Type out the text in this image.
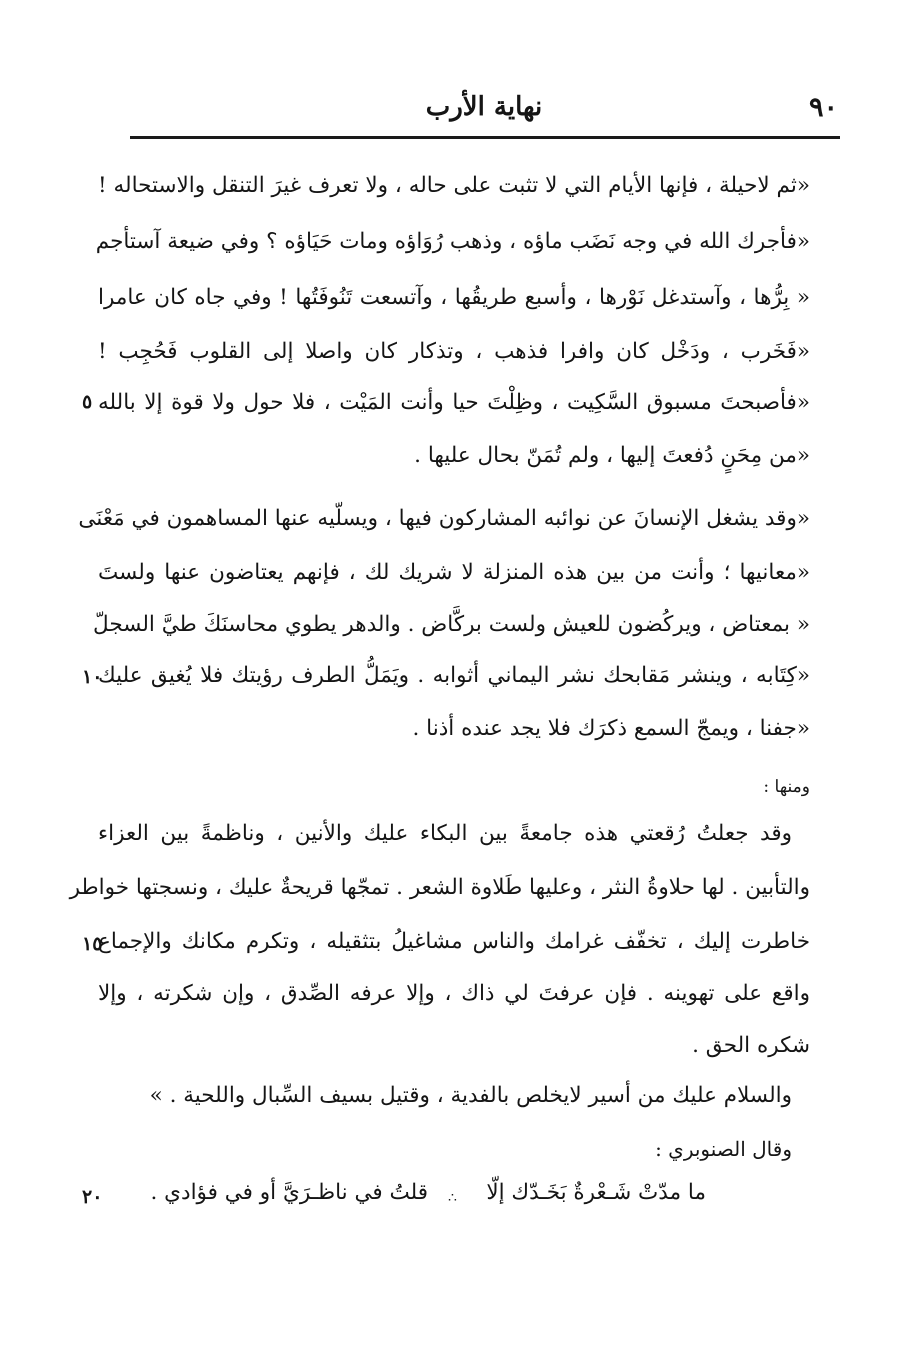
٩٠
نهاية الأرب
«ثم لاحيلة ، فإنها الأيام التي لا تثبت على حاله ، ولا تعرف غيرَ التنقل والاستحاله !
«فأجرك الله في وجه نَضَب ماؤه ، وذهب رُوَاؤه ومات حَيَاؤه ؟ وفي ضيعة آستأجم
« بِرُّها ، وآستدغل نَوْرها ، وأسبع طريقُها ، وآتسعت تَنُوفَتُها ! وفي جاه كان عامرا
«فَخَرب ، ودَخْل كان وافرا فذهب ، وتذكار كان واصلا إلى القلوب فَحُجِب !
«فأصبحتَ مسبوق السَّكِيت ، وظِلْتَ حيا وأنت المَيْت ، فلا حول ولا قوة إلا بالله
«من مِحَنٍ دُفعتَ إليها ، ولم تُمَنّ بحال عليها .
«وقد يشغل الإنسانَ عن نوائبه المشاركون فيها ، ويسلّيه عنها المساهمون في مَعْنَى
«معانيها ؛ وأنت من بين هذه المنزلة لا شريك لك ، فإنهم يعتاضون عنها ولستَ
« بمعتاض ، ويركُضون للعيش ولست بركَّاض . والدهر يطوي محاسنَكَ طيَّ السجلّ
«كِتَابه ، وينشر مَقابحك نشر اليماني أثوابه . ويَمَلُّ الطرف رؤيتك فلا يُغيق عليك
«جفنا ، ويمجّ السمع ذكرَك فلا يجد عنده أذنا .
ومنها :
وقد جعلتُ رُقعتي هذه جامعةً بين البكاء عليك والأنين ، وناظمةً بين العزاء
والتأبين . لها حلاوةُ النثر ، وعليها طَلاوة الشعر . تمجّها قريحةٌ عليك ، ونسجتها خواطر
خاطرت إليك ، تخفّف غرامك والناس مشاغيلُ بتثقيله ، وتكرم مكانك والإجماع
واقع على تهوينه . فإن عرفتَ لي ذاك ، وإلا عرفه الصِّدق ، وإن شكرته ، وإلا
شكره الحق .
والسلام عليك من أسير لايخلص بالفدية ، وقتيل بسيف السِّبال واللحية . »
وقال الصنوبري :
ما مدّتْ شَـعْرةٌ بَخَـدّك إلّا
∴
قلتُ في ناظـرَيَّ أو في فؤادي .
٥
١٠
١٥
٢٠
